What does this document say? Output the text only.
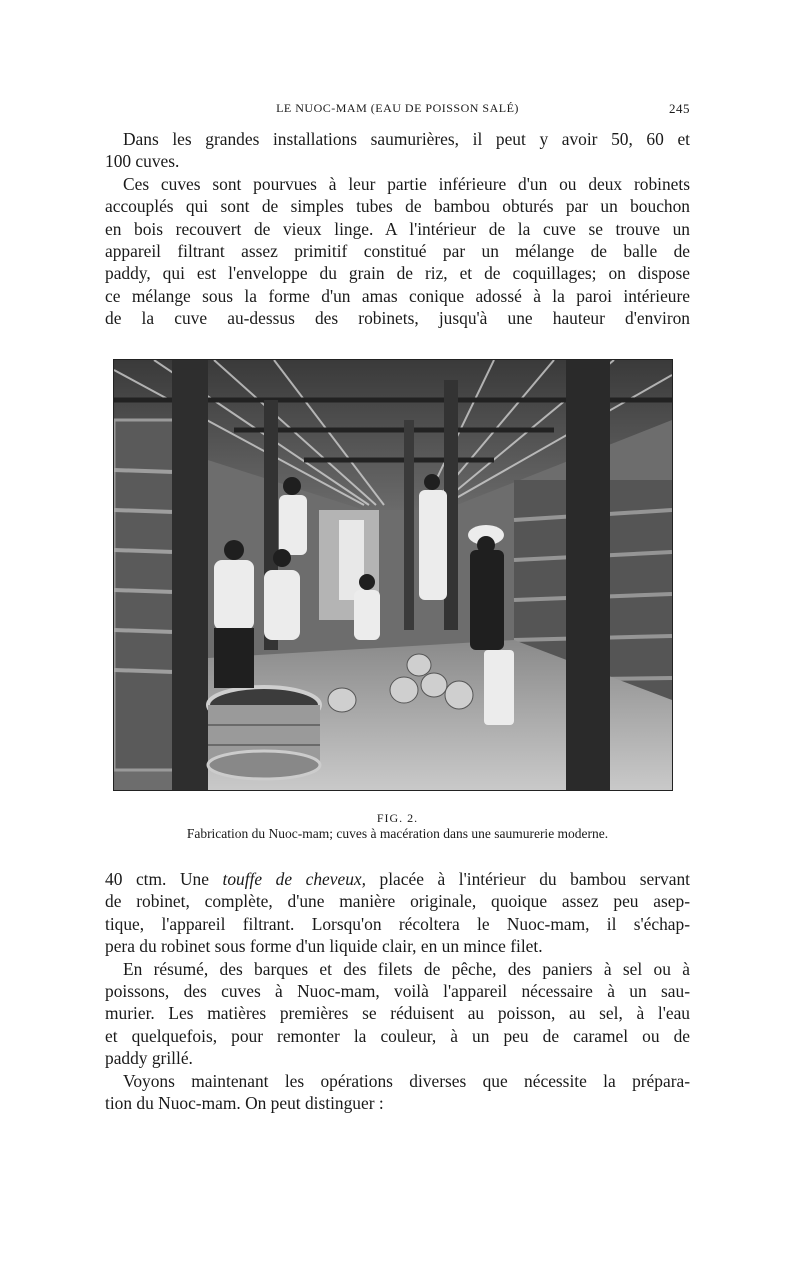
LE NUOC-MAM (EAU DE POISSON SALÉ)	245
Dans les grandes installations saumurières, il peut y avoir 50, 60 et
100 cuves.
Ces cuves sont pourvues à leur partie inférieure d'un ou deux robinets
accouplés qui sont de simples tubes de bambou obturés par un bouchon
en bois recouvert de vieux linge. A l'intérieur de la cuve se trouve un
appareil filtrant assez primitif constitué par un mélange de balle de
paddy, qui est l'enveloppe du grain de riz, et de coquillages; on dispose
ce mélange sous la forme d'un amas conique adossé à la paroi intérieure
de la cuve au-dessus des robinets, jusqu'à une hauteur d'environ
FIG. 2.
Fabrication du Nuoc-mam; cuves à macération dans une saumurerie moderne.
40 ctm. Une touffe de cheveux, placée à l'intérieur du bambou servant
de robinet, complète, d'une manière originale, quoique assez peu asep-
tique, l'appareil filtrant. Lorsqu'on récoltera le Nuoc-mam, il s'échap-
pera du robinet sous forme d'un liquide clair, en un mince filet.
En résumé, des barques et des filets de pêche, des paniers à sel ou à
poissons, des cuves à Nuoc-mam, voilà l'appareil nécessaire à un sau-
murier. Les matières premières se réduisent au poisson, au sel, à l'eau
et quelquefois, pour remonter la couleur, à un peu de caramel ou de
paddy grillé.
Voyons maintenant les opérations diverses que nécessite la prépara-
tion du Nuoc-mam. On peut distinguer :
